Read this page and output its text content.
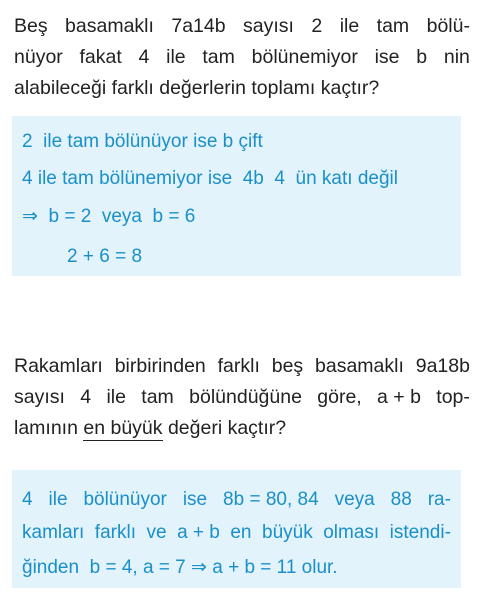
Beş basamaklı 7a14b sayısı 2 ile tam bölü-
nüyor fakat 4 ile tam bölünemiyor ise b nin
alabileceği farklı değerlerin toplamı kaçtır?
2  ile tam bölünüyor ise b çift
4 ile tam bölünemiyor ise  4b  4  ün katı değil
⇒  b = 2  veya  b = 6
2 + 6 = 8
Rakamları birbirinden farklı beş basamaklı 9a18b
sayısı 4 ile tam bölündüğüne göre, a + b top-
lamının en büyük değeri kaçtır?
4 ile bölünüyor ise 8b = 80, 84 veya 88 ra-
kamları farklı ve a + b en büyük olması istendi-
ğinden  b = 4, a = 7 ⇒ a + b = 11 olur.
